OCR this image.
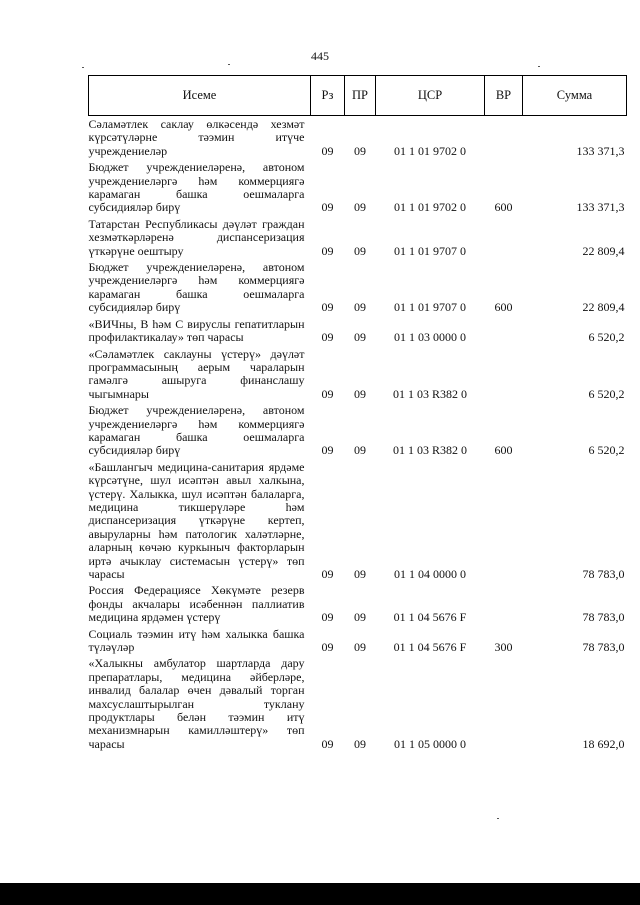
445
Исеме	Рз	ПР	ЦСР	ВР	Сумма
Сәламәтлек саклау өлкәсендә хезмәт күрсәтүләрне тәэмин итүче учреждениеләр	09	09	01 1 01 9702 0		133 371,3
Бюджет учреждениеләренә, автоном учреждениеләргә һәм коммерциягә карамаган башка оешмаларга субсидияләр бирү	09	09	01 1 01 9702 0	600	133 371,3
Татарстан Республикасы дәүләт граждан хезмәткәрләренә диспансеризация үткәрүне оештыру	09	09	01 1 01 9707 0		22 809,4
Бюджет учреждениеләренә, автоном учреждениеләргә һәм коммерциягә карамаган башка оешмаларга субсидияләр бирү	09	09	01 1 01 9707 0	600	22 809,4
«ВИЧны, В һәм С вируслы гепатитларын профилактикалау» төп чарасы	09	09	01 1 03 0000 0		6 520,2
«Сәламәтлек саклауны үстерү» дәүләт программасының аерым чараларын гамәлгә ашыруга финанслашу чыгымнары	09	09	01 1 03 R382 0		6 520,2
Бюджет учреждениеләренә, автоном учреждениеләргә һәм коммерциягә карамаган башка оешмаларга субсидияләр бирү	09	09	01 1 03 R382 0	600	6 520,2
«Башлангыч медицина-санитария ярдәме күрсәтүне, шул исәптән авыл халкына, үстерү. Халыкка, шул исәптән балаларга, медицина тикшерүләре һәм диспансеризация үткәрүне кертеп, авыруларны һәм патологик халәтләрне, аларның көчәю куркыныч факторларын иртә ачыклау системасын үстерү» төп чарасы	09	09	01 1 04 0000 0		78 783,0
Россия Федерациясе Хөкүмәте резерв фонды акчалары исәбеннән паллиатив медицина ярдәмен үстерү	09	09	01 1 04 5676 F		78 783,0
Социаль тәэмин итү һәм халыкка башка түләүләр	09	09	01 1 04 5676 F	300	78 783,0
«Халыкны амбулатор шартларда дару препаратлары, медицина әйберләре, инвалид балалар өчен дәвалый торган махсуслаштырылган туклану продуктлары белән тәэмин итү механизмнарын камилләштерү» төп чарасы	09	09	01 1 05 0000 0		18 692,0
